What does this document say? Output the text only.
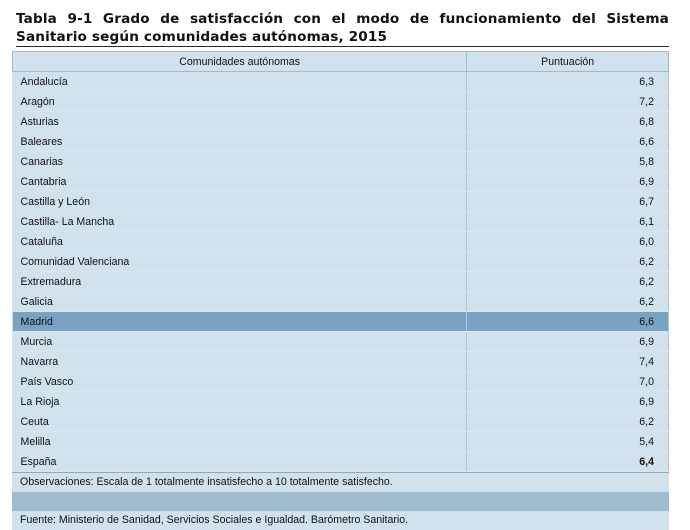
Tabla 9-1 Grado de satisfacción con el modo de funcionamiento del Sistema Sanitario según comunidades autónomas, 2015
Comunidades autónomas	Puntuación
Andalucía	6,3
Aragón	7,2
Asturias	6,8
Baleares	6,6
Canarias	5,8
Cantabria	6,9
Castilla y León	6,7
Castilla- La Mancha	6,1
Cataluña	6,0
Comunidad Valenciana	6,2
Extremadura	6,2
Galicia	6,2
Madrid	6,6
Murcia	6,9
Navarra	7,4
País Vasco	7,0
La Rioja	6,9
Ceuta	6,2
Melilla	5,4
España	6,4
Observaciones: Escala de 1 totalmente insatisfecho a 10 totalmente satisfecho.
Fuente: Ministerio de Sanidad, Servicios Sociales e Igualdad. Barómetro Sanitario.
